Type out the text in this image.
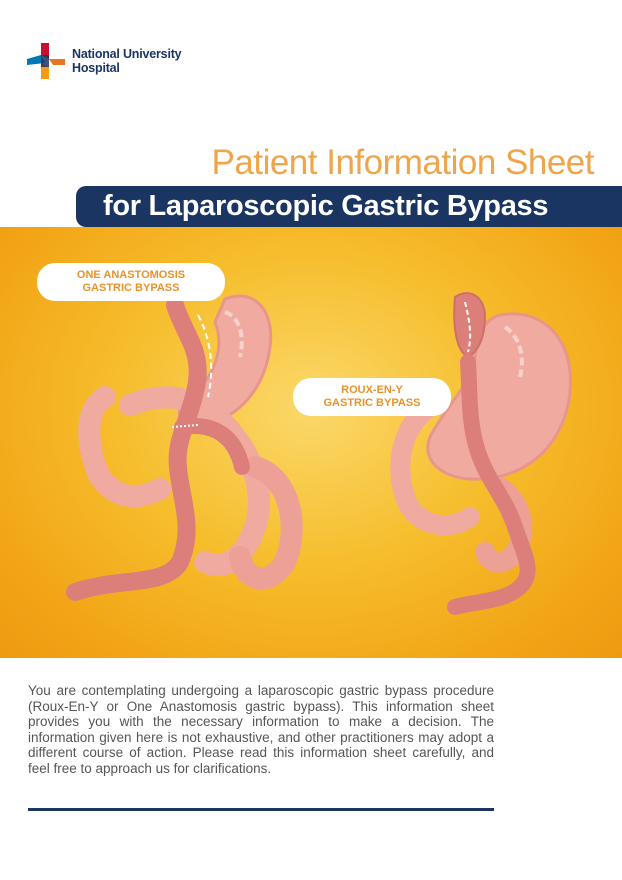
National University
Hospital
Patient Information Sheet
for Laparoscopic Gastric Bypass
ONE ANASTOMOSIS
GASTRIC BYPASS
ROUX-EN-Y
GASTRIC BYPASS
You are contemplating undergoing a laparoscopic gastric bypass procedure (Roux-En-Y or One Anastomosis gastric bypass). This information sheet provides you with the necessary information to make a decision. The information given here is not exhaustive, and other practitioners may adopt a different course of action. Please read this information sheet carefully, and feel free to approach us for clarifications.
